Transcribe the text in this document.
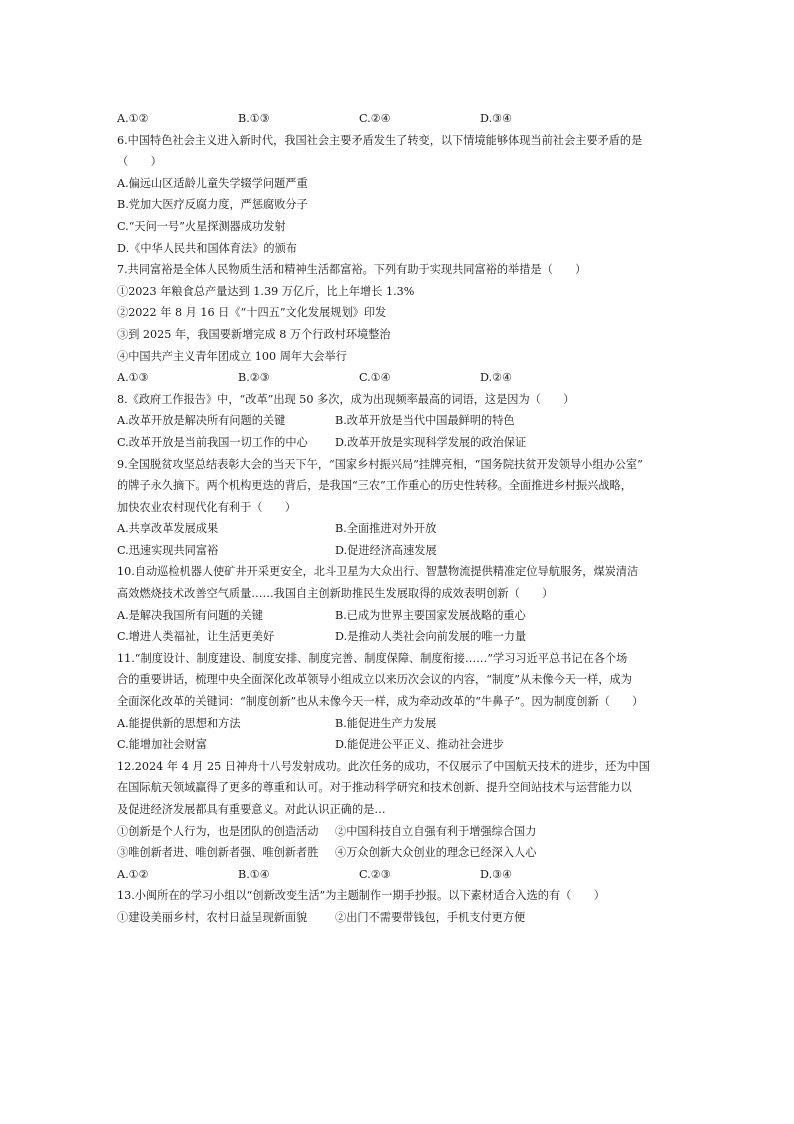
A.①②	B.①③	C.②④	D.③④
6.中国特色社会主义进入新时代，我国社会主要矛盾发生了转变，以下情境能够体现当前社会主要矛盾的是
（　　）
A.偏远山区适龄儿童失学辍学问题严重
B.党加大医疗反腐力度，严惩腐败分子
C.“天问一号”火星探测器成功发射
D.《中华人民共和国体育法》的颁布
7.共同富裕是全体人民物质生活和精神生活都富裕。下列有助于实现共同富裕的举措是（　　）
①2023 年粮食总产量达到 1.39 万亿斤，比上年增长 1.3%
②2022 年 8 月 16 日《“十四五”文化发展规划》印发
③到 2025 年，我国要新增完成 8 万个行政村环境整治
④中国共产主义青年团成立 100 周年大会举行
A.①③	B.②③	C.①④	D.②④
8.《政府工作报告》中，“改革”出现 50 多次，成为出现频率最高的词语，这是因为（　　）
A.改革开放是解决所有问题的关键	B.改革开放是当代中国最鲜明的特色
C.改革开放是当前我国一切工作的中心	D.改革开放是实现科学发展的政治保证
9.全国脱贫攻坚总结表彰大会的当天下午，“国家乡村振兴局”挂牌亮相，“国务院扶贫开发领导小组办公室”
的牌子永久摘下。两个机构更迭的背后，是我国“三农”工作重心的历史性转移。全面推进乡村振兴战略，
加快农业农村现代化有利于（　　）
A.共享改革发展成果	B.全面推进对外开放
C.迅速实现共同富裕	D.促进经济高速发展
10.自动巡检机器人使矿井开采更安全，北斗卫星为大众出行、智慧物流提供精准定位导航服务，煤炭清洁
高效燃烧技术改善空气质量……我国自主创新助推民生发展取得的成效表明创新（　　）
A.是解决我国所有问题的关键	B.已成为世界主要国家发展战略的重心
C.增进人类福祉，让生活更美好	D.是推动人类社会向前发展的唯一力量
11.“制度设计、制度建设、制度安排、制度完善、制度保障、制度衔接……”学习习近平总书记在各个场
合的重要讲话，梳理中央全面深化改革领导小组成立以来历次会议的内容，“制度”从未像今天一样，成为
全面深化改革的关键词：“制度创新”也从未像今天一样，成为牵动改革的“牛鼻子”。因为制度创新（　　）
A.能提供新的思想和方法	B.能促进生产力发展
C.能增加社会财富	D.能促进公平正义、推动社会进步
12.2024 年 4 月 25 日神舟十八号发射成功。此次任务的成功，不仅展示了中国航天技术的进步，还为中国
在国际航天领域赢得了更多的尊重和认可。对于推动科学研究和技术创新、提升空间站技术与运营能力以
及促进经济发展都具有重要意义。对此认识正确的是…
①创新是个人行为，也是团队的创造活动	②中国科技自立自强有利于增强综合国力
③唯创新者进、唯创新者强、唯创新者胜	④万众创新大众创业的理念已经深入人心
A.①②	B.①④	C.②③	D.③④
13.小闽所在的学习小组以“创新改变生活”为主题制作一期手抄报。以下素材适合入选的有（　　）
①建设美丽乡村，农村日益呈现新面貌	②出门不需要带钱包，手机支付更方便
